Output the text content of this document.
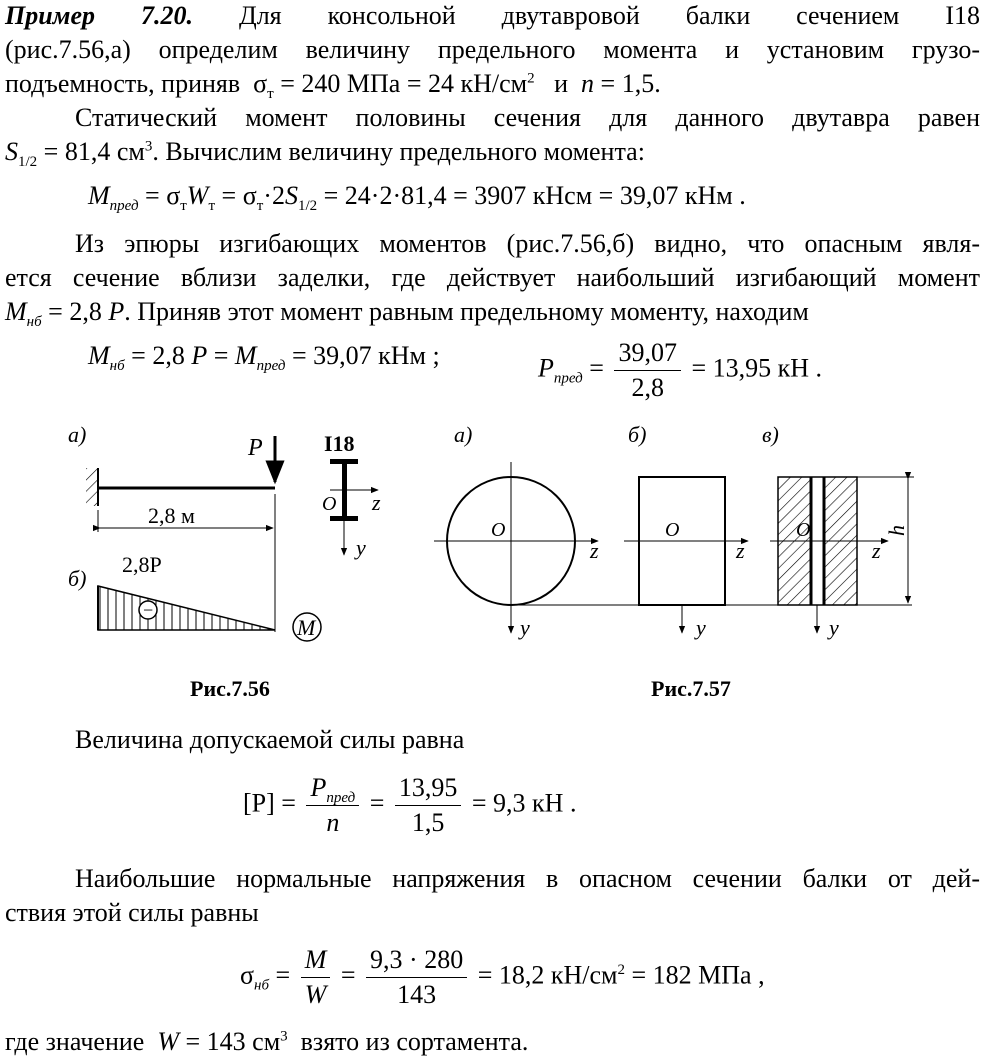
Пример 7.20. Для консольной двутавровой балки сечением I18
(рис.7.56,а) определим величину предельного момента и установим грузо-
подъемность, приняв $\sigma_т = 240$ МПа = 24 $кН/см^2$ и n = 1,5.
Статический момент половины сечения для данного двутавра равен
$S_{1/2} = 81,4$ $см^3$. Вычислим величину предельного момента:
$M_{пред} = \sigma_тW_т = \sigma_т\cdot 2S_{1/2} = 24\cdot 2\cdot 81,4 = 3907$ кНсм = 39,07 кНм .
Из эпюры изгибающих моментов (рис.7.56,б) видно, что опасным явля-
ется сечение вблизи заделки, где действует наибольший изгибающий момент
$M_{нб} = 2,8$ P. Приняв этот момент равным предельному моменту, находим
$M_{нб} = 2,8$ $P = M_{пред} = 39,07$ кНм ;	$P_{пред} = \frac{39,07}{2,8} = 13,95$ кН .
а)
P
2,8 м
б)
2,8P
−
M
I18
O z
y
а)
O
z
y
б)
O
z
y
в)
O
z
y
h
Рис.7.56	Рис.7.57
Величина допускаемой силы равна
$[P] = \frac{P_{пред}}{n} = \frac{13,95}{1,5} = 9,3$ кН .
Наибольшие нормальные напряжения в опасном сечении балки от дей-
ствия этой силы равны
$\sigma_{нб} = \frac{M}{W} = \frac{9,3 \cdot 280}{143} = 18,2$ $кН/см^2 = 182$ МПа ,
где значение W = 143 $см^3$ взято из сортамента.
